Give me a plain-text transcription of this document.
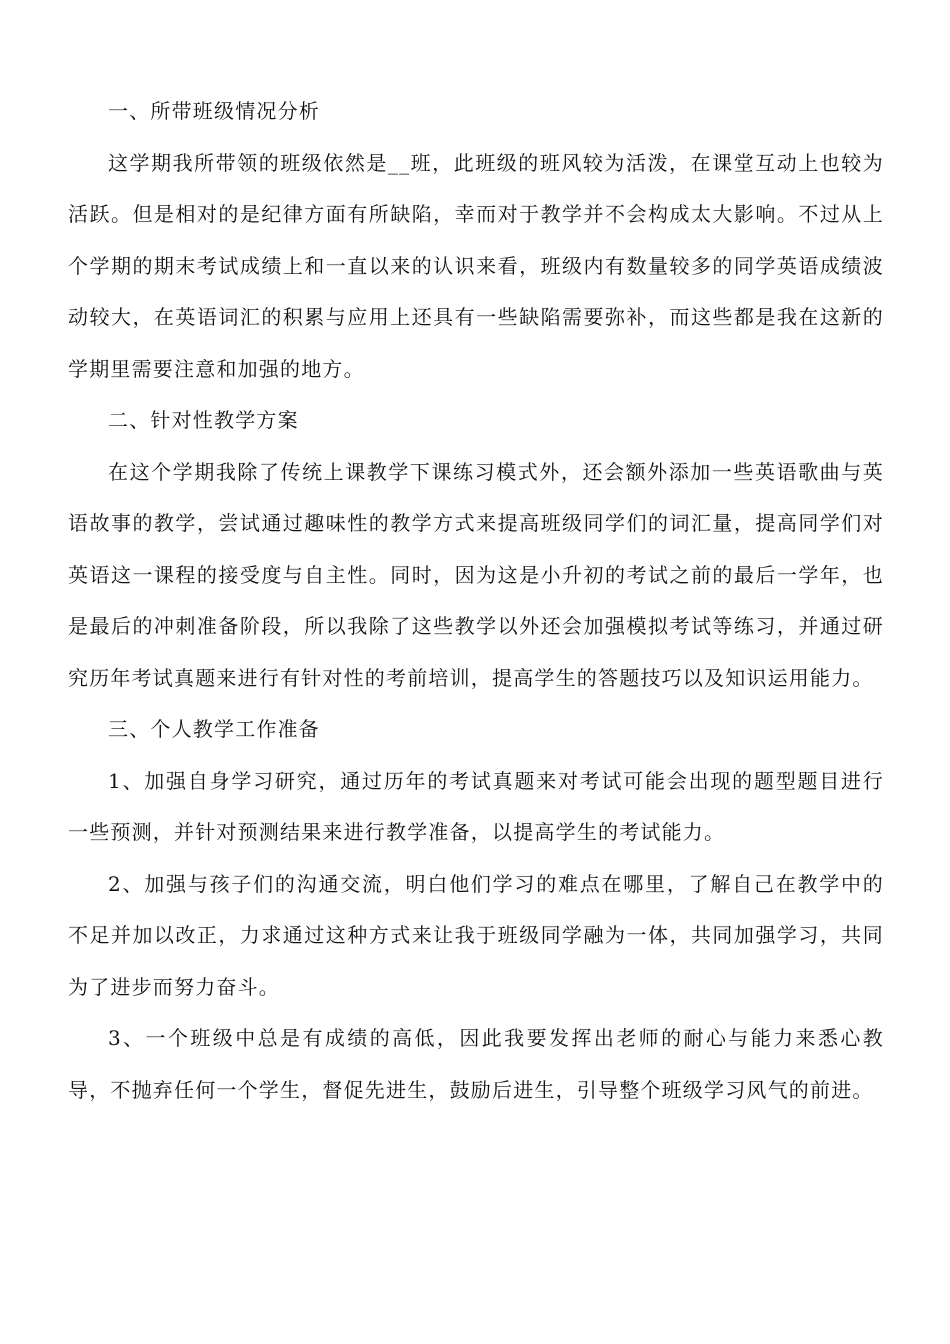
一、所带班级情况分析

这学期我所带领的班级依然是__班，此班级的班风较为活泼，在课堂互动上也较为活跃。但是相对的是纪律方面有所缺陷，幸而对于教学并不会构成太大影响。不过从上个学期的期末考试成绩上和一直以来的认识来看，班级内有数量较多的同学英语成绩波动较大，在英语词汇的积累与应用上还具有一些缺陷需要弥补，而这些都是我在这新的学期里需要注意和加强的地方。

二、针对性教学方案

在这个学期我除了传统上课教学下课练习模式外，还会额外添加一些英语歌曲与英语故事的教学，尝试通过趣味性的教学方式来提高班级同学们的词汇量，提高同学们对英语这一课程的接受度与自主性。同时，因为这是小升初的考试之前的最后一学年，也是最后的冲刺准备阶段，所以我除了这些教学以外还会加强模拟考试等练习，并通过研究历年考试真题来进行有针对性的考前培训，提高学生的答题技巧以及知识运用能力。

三、个人教学工作准备

1、加强自身学习研究，通过历年的考试真题来对考试可能会出现的题型题目进行一些预测，并针对预测结果来进行教学准备，以提高学生的考试能力。

2、加强与孩子们的沟通交流，明白他们学习的难点在哪里，了解自己在教学中的不足并加以改正，力求通过这种方式来让我于班级同学融为一体，共同加强学习，共同为了进步而努力奋斗。

3、一个班级中总是有成绩的高低，因此我要发挥出老师的耐心与能力来悉心教导，不抛弃任何一个学生，督促先进生，鼓励后进生，引导整个班级学习风气的前进。
